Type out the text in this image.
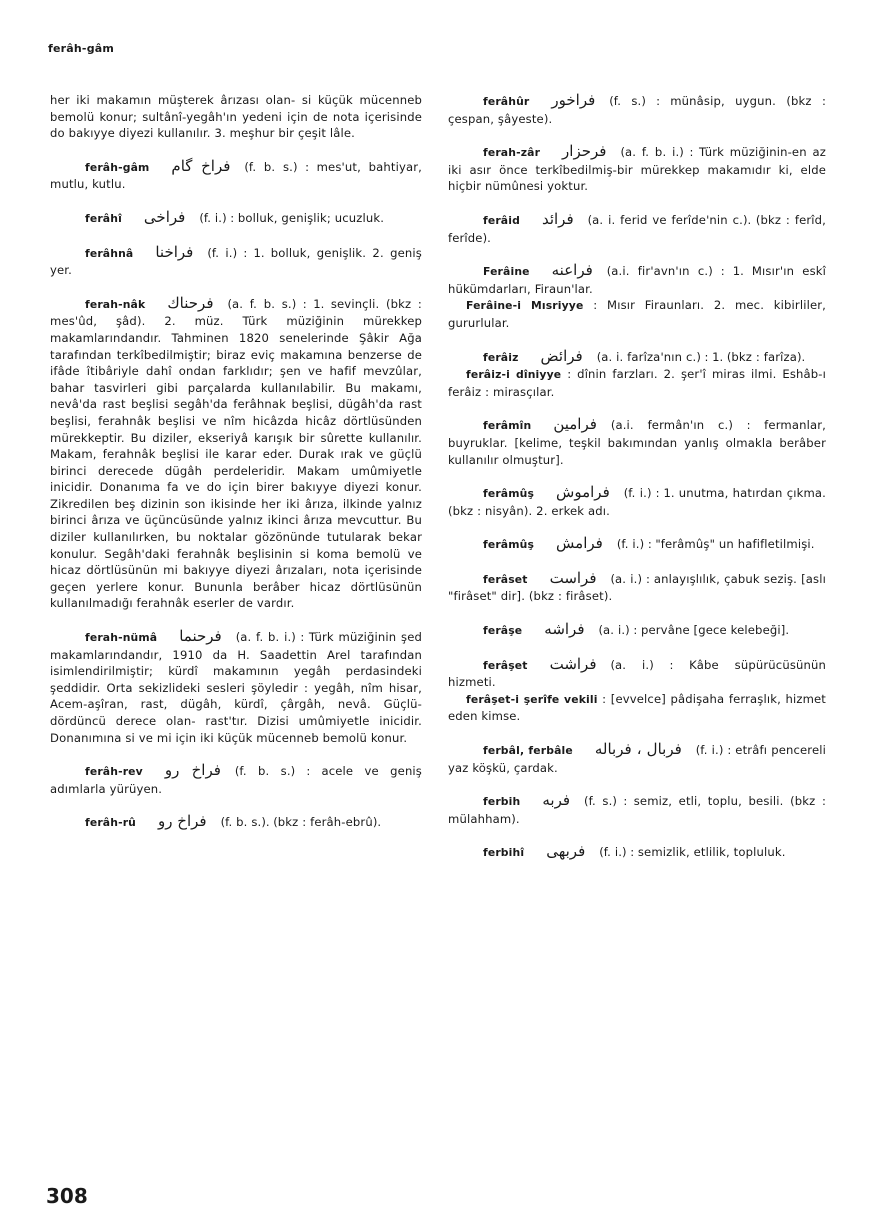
ferâh-gâm

her iki makamın müşterek ârızası olan- si küçük mücenneb bemolü konur; sultânî-yegâh'ın yedeni için de nota içerisinde do bakıyye diyezi kullanılır. 3. meşhur bir çeşit lâle.

ferâh-gâm فراخ گام (f. b. s.) : mes'ut, bahtiyar, mutlu, kutlu.

ferâhî فراخى (f. i.) : bolluk, genişlik; ucuzluk.

ferâhnâ فراخنا (f. i.) : 1. bolluk, genişlik. 2. geniş yer.

ferah-nâk فرحناك (a. f. b. s.) : 1. sevinçli. (bkz : mes'ûd, şâd). 2. müz. Türk müziğinin mürekkep makamlarındandır. Tahminen 1820 senelerinde Şâkir Ağa tarafından terkîbedilmiştir; biraz eviç makamına benzerse de ifâde îtibâriyle dahî ondan farklıdır; şen ve hafif mevzûlar, bahar tasvirleri gibi parçalarda kullanılabilir. Bu makamı, nevâ'da rast beşlisi segâh'da ferâhnak beşlisi, dügâh'da rast beşlisi, ferahnâk beşlisi ve nîm hicâzda hicâz dörtlüsünden mürekkeptir. Bu diziler, ekseriyâ karışık bir sûrette kullanılır. Makam, ferahnâk beşlisi ile karar eder. Durak ırak ve güçlü birinci derecede dügâh perdeleridir. Makam umûmiyetle inicidir. Donanıma fa ve do için birer bakıyye diyezi konur. Zikredilen beş dizinin son ikisinde her iki ârıza, ilkinde yalnız birinci ârıza ve üçüncüsünde yalnız ikinci ârıza mevcuttur. Bu diziler kullanılırken, bu noktalar gözönünde tutularak bekar konulur. Segâh'daki ferahnâk beşlisinin si koma bemolü ve hicaz dörtlüsünün mi bakıyye diyezi ârızaları, nota içerisinde geçen yerlere konur. Bununla berâber hicaz dörtlüsünün kullanılmadığı ferahnâk eserler de vardır.

ferah-nümâ فرحنما (a. f. b. i.) : Türk müziğinin şed makamlarındandır, 1910 da H. Saadettin Arel tarafından isimlendirilmiştir; kürdî makamının yegâh perdasindeki şeddidir. Orta sekizlideki sesleri şöyledir : yegâh, nîm hisar, Acem-aşîran, rast, dügâh, kürdî, çârgâh, nevâ. Güçlü-dördüncü derece olan- rast'tır. Dizisi umûmiyetle inicidir. Donanımına si ve mi için iki küçük mücenneb bemolü konur.

ferâh-rev فراخ رو (f. b. s.) : acele ve geniş adımlarla yürüyen.

ferâh-rû فراخ رو (f. b. s.). (bkz : ferâh-ebrû).

ferâhûr فراخور (f. s.) : münâsip, uygun. (bkz : çespan, şâyeste).

ferah-zâr فرحزار (a. f. b. i.) : Türk müziğinin-en az iki asır önce terkîbedilmiş-bir mürekkep makamıdır ki, elde hiçbir nümûnesi yoktur.

ferâid فرائد (a. i. ferid ve ferîde'nin c.). (bkz : ferîd, ferîde).

Ferâine فراعنه (a.i. fir'avn'ın c.) : 1. Mısır'ın eskî hükümdarları, Firaun'lar.

Ferâine-i Mısriyye : Mısır Firaunları. 2. mec. kibirliler, gururlular.

ferâiz فرائض (a. i. farîza'nın c.) : 1. (bkz : farîza).

ferâiz-i dîniyye : dînin farzları. 2. şer'î miras ilmi. Eshâb-ı ferâiz : mirasçılar.

ferâmîn فرامين (a.i. fermân'ın c.) : fermanlar, buyruklar. [kelime, teşkil bakımından yanlış olmakla berâber kullanılır olmuştur].

ferâmûş فراموش (f. i.) : 1. unutma, hatırdan çıkma. (bkz : nisyân). 2. erkek adı.

ferâmûş فرامش (f. i.) : "ferâmûş" un hafifletilmişi.

ferâset فراست (a. i.) : anlayışlılık, çabuk seziş. [aslı "firâset" dir]. (bkz : firâset).

ferâşe فراشه (a. i.) : pervâne [gece kelebeği].

ferâşet فراشت (a. i.) : Kâbe süpürücüsünün hizmeti.

ferâşet-i şerîfe vekili : [evvelce] pâdişaha ferraşlık, hizmet eden kimse.

ferbâl, ferbâle فربال ، فرباله (f. i.) : etrâfı pencereli yaz köşkü, çardak.

ferbih فربه (f. s.) : semiz, etli, toplu, besili. (bkz : mülahham).

ferbihî فربهى (f. i.) : semizlik, etlilik, topluluk.

308
